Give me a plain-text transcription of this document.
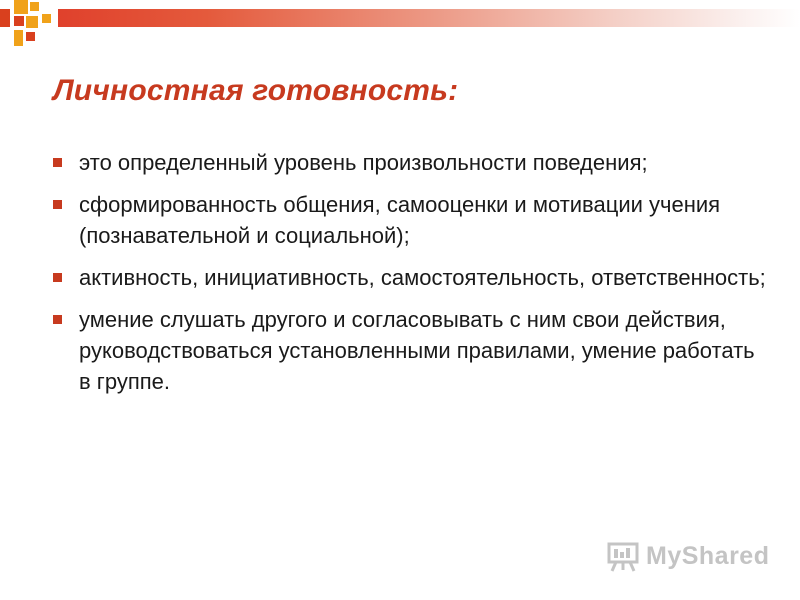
Личностная готовность:
это определенный уровень произвольности поведения;
сформированность общения, самооценки и мотивации учения (познавательной и социальной);
активность, инициативность, самостоятельность, ответственность;
умение слушать другого и согласовывать с ним свои действия, руководствоваться установленными правилами, умение работать в группе.
MyShared
